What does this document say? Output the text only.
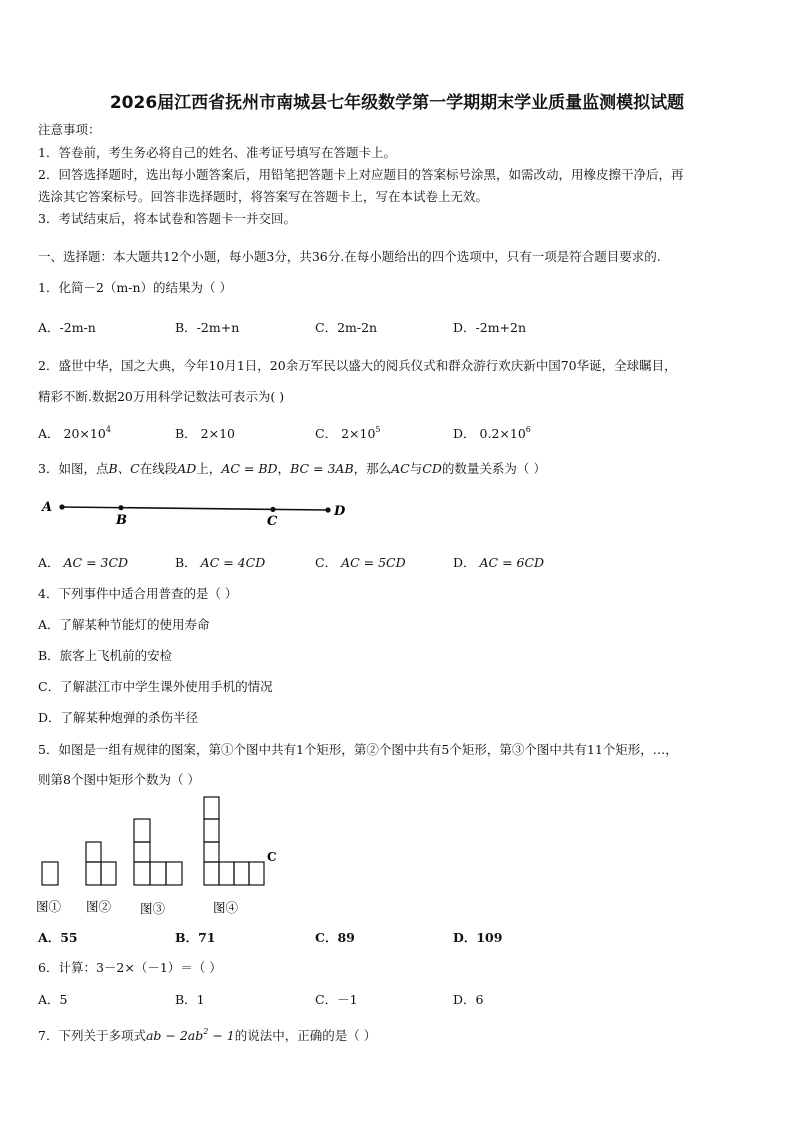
2026届江西省抚州市南城县七年级数学第一学期期末学业质量监测模拟试题
注意事项：
1．答卷前，考生务必将自己的姓名、准考证号填写在答题卡上。
2．回答选择题时，选出每小题答案后，用铅笔把答题卡上对应题目的答案标号涂黑，如需改动，用橡皮擦干净后，再
选涂其它答案标号。回答非选择题时，将答案写在答题卡上，写在本试卷上无效。
3．考试结束后，将本试卷和答题卡一并交回。
一、选择题：本大题共12个小题，每小题3分，共36分.在每小题给出的四个选项中，只有一项是符合题目要求的.
1．化简－2（m-n）的结果为（ ）
A．-2m-n	B．-2m+n	C．2m-2n	D．-2m+2n
2．盛世中华，国之大典，今年10月1日，20余万军民以盛大的阅兵仪式和群众游行欢庆新中国70华诞，全球瞩目，
精彩不断.数据20万用科学记数法可表示为( )
A． $20\times 10^4$	B． 2×10	C． $2\times 10^5$	D． $0.2\times 10^6$
3．如图，点B、C在线段AD上，AC = BD，BC = 3AB，那么AC与CD的数量关系为（ ）
A
B	C
D
A． AC = 3CD	B． AC = 4CD	C． AC = 5CD	D． AC = 6CD
4．下列事件中适合用普查的是（ ）
A．了解某种节能灯的使用寿命
B．旅客上飞机前的安检
C．了解湛江市中学生课外使用手机的情况
D．了解某种炮弹的杀伤半径
5．如图是一组有规律的图案，第①个图中共有1个矩形，第②个图中共有5个矩形，第③个图中共有11个矩形，…，
则第8个图中矩形个数为（ ）
C
图① 图② 图③	图④
A．55	B．71	C．89	D．109
6．计算：3－2×（－1）＝（ ）
A．5	B．1	C．－1	D．6
7．下列关于多项式ab − $2ab^2 - 1$的说法中，正确的是（ ）
